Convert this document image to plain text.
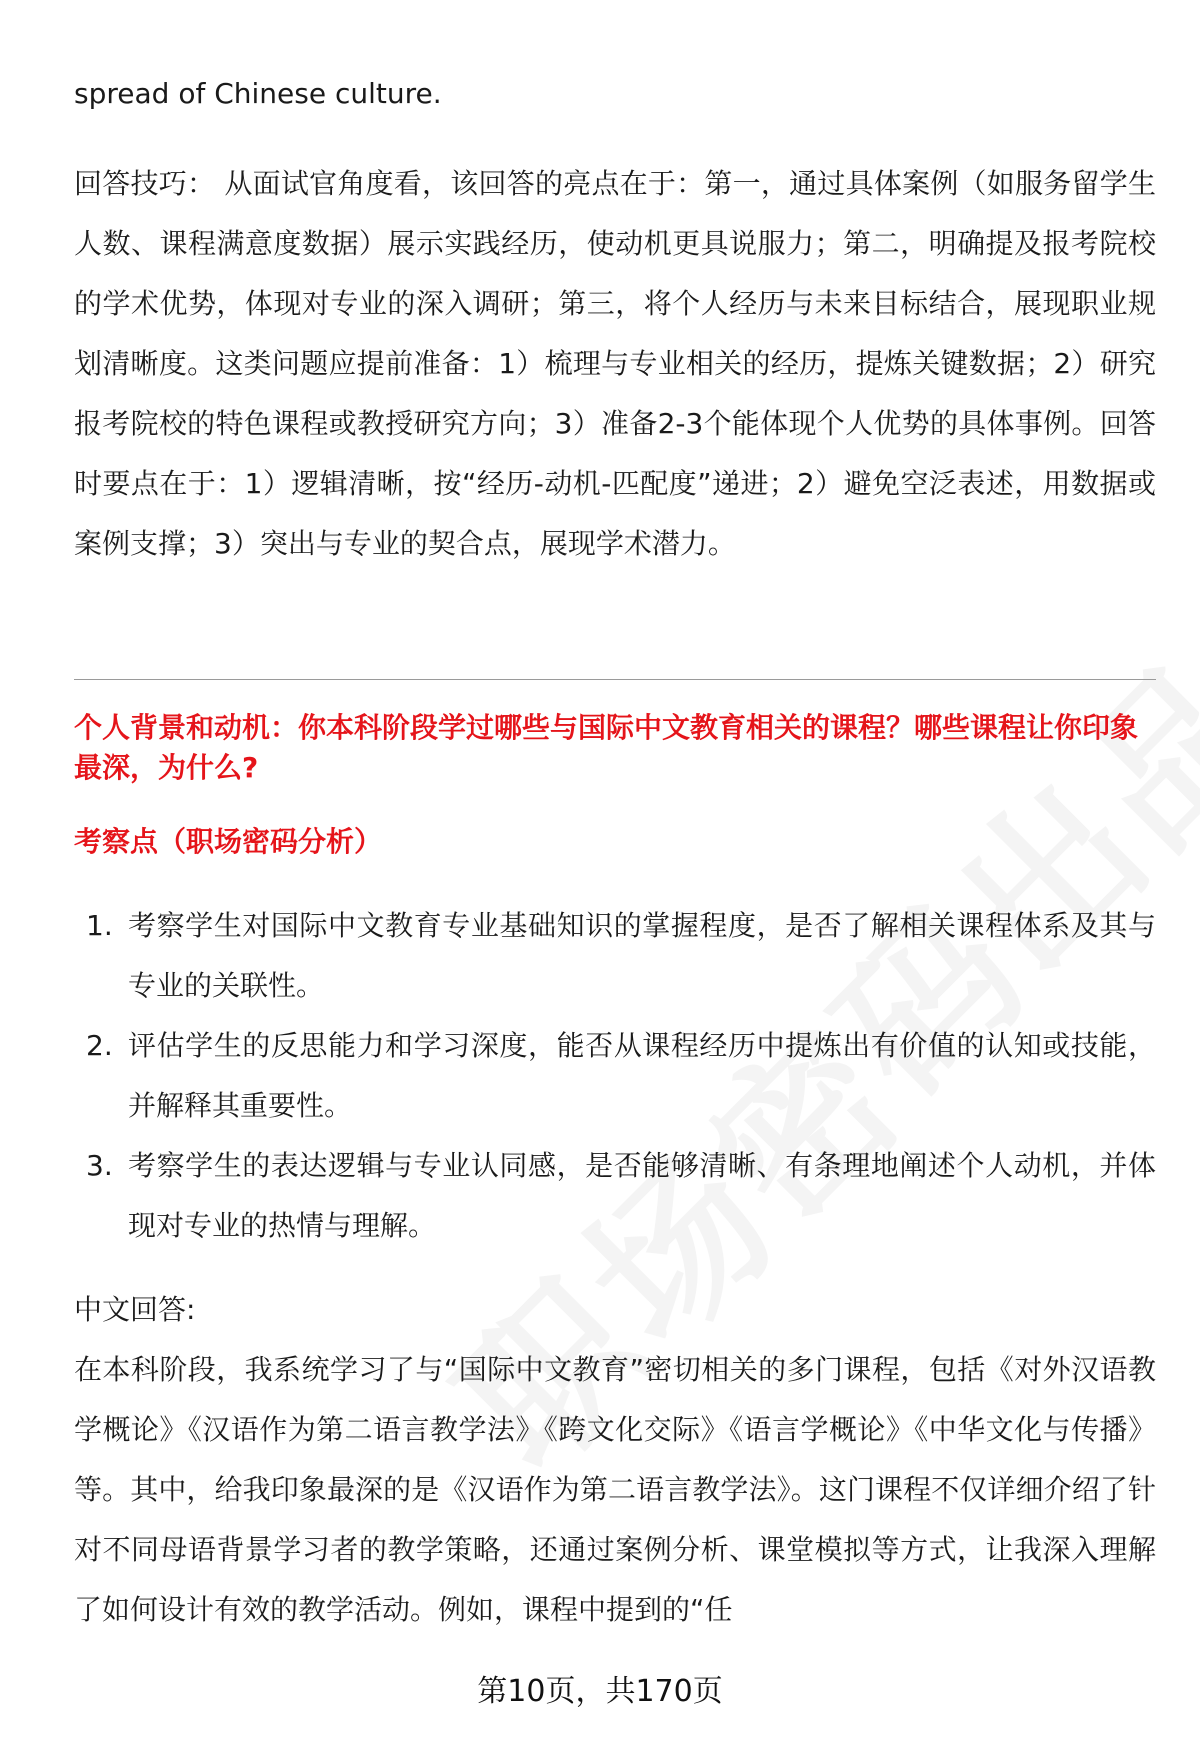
spread of Chinese culture.

回答技巧： 从面试官角度看，该回答的亮点在于：第一，通过具体案例（如服务留学生人数、课程满意度数据）展示实践经历，使动机更具说服力；第二，明确提及报考院校的学术优势，体现对专业的深入调研；第三，将个人经历与未来目标结合，展现职业规划清晰度。这类问题应提前准备：1）梳理与专业相关的经历，提炼关键数据；2）研究报考院校的特色课程或教授研究方向；3）准备2-3个能体现个人优势的具体事例。回答时要点在于：1）逻辑清晰，按“经历-动机-匹配度”递进；2）避免空泛表述，用数据或案例支撑；3）突出与专业的契合点，展现学术潜力。

个人背景和动机：你本科阶段学过哪些与国际中文教育相关的课程？哪些课程让你印象最深，为什么?
考察点（职场密码分析）
1. 考察学生对国际中文教育专业基础知识的掌握程度，是否了解相关课程体系及其与专业的关联性。
2. 评估学生的反思能力和学习深度，能否从课程经历中提炼出有价值的认知或技能，并解释其重要性。
3. 考察学生的表达逻辑与专业认同感，是否能够清晰、有条理地阐述个人动机，并体现对专业的热情与理解。

中文回答:

在本科阶段，我系统学习了与“国际中文教育”密切相关的多门课程，包括《对外汉语教学概论》《汉语作为第二语言教学法》《跨文化交际》《语言学概论》《中华文化与传播》等。其中，给我印象最深的是《汉语作为第二语言教学法》。这门课程不仅详细介绍了针对不同母语背景学习者的教学策略，还通过案例分析、课堂模拟等方式，让我深入理解了如何设计有效的教学活动。例如，课程中提到的“任

第10页，共170页
